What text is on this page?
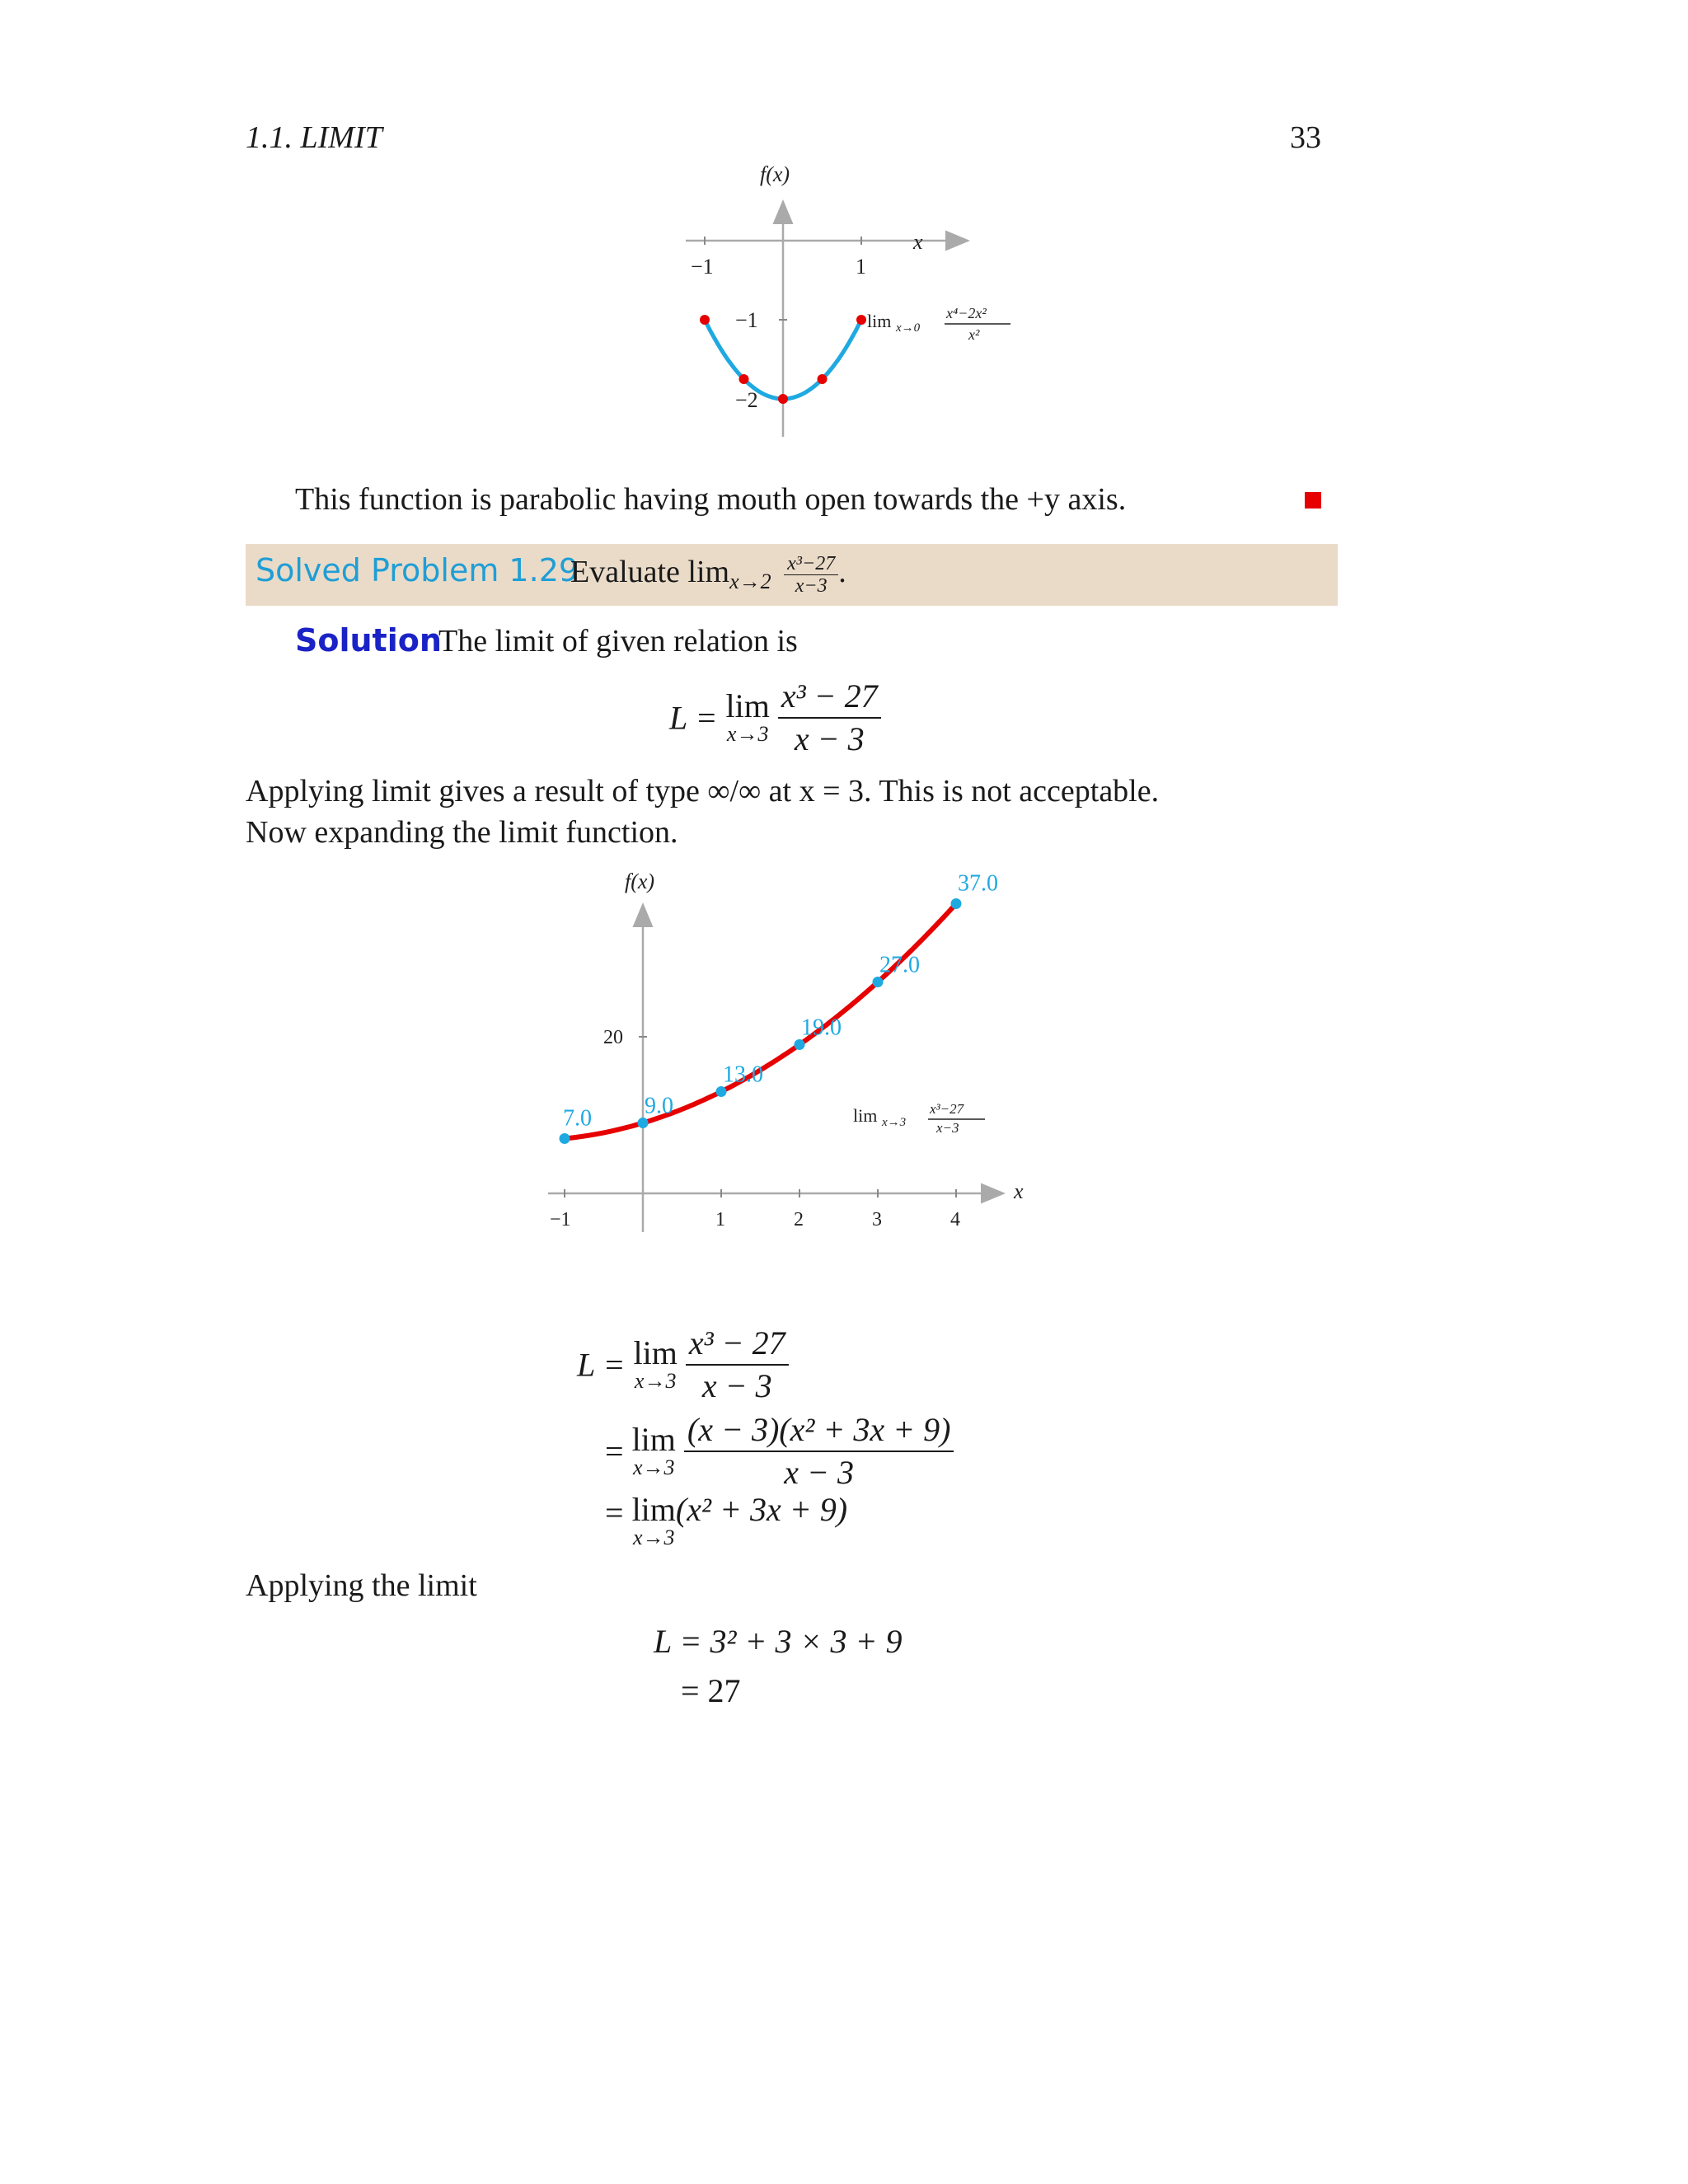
1.1. LIMIT	33
f(x)
x
−1	1
−1
−2
lim x→0
x⁴−2x²
x²
This function is parabolic having mouth open towards the +y axis.
Solved Problem 1.29
Evaluate $\lim_{x\to 2} \frac{\text{x³−27}}{x-3}$ .
Solution
The limit of given relation is
L = lim
x→3
$\frac{\text{x³ − 27}}{x - 3}$
Applying limit gives a result of type ∞/∞ at x = 3. This is not acceptable.
Now expanding the limit function.
−1	1	2	3	4
20
7.0 9.0
13.0
19.0
27.0
37.0
f(x)
x
lim x→3
x³−27
x−3
L = lim
x→3
$\frac{\text{x³ − 27}}{x - 3}$
= lim
x→3
$\frac{\text{(x − 3)(x² + 3x + 9)}}{x - 3}$
= lim
x→3
(x² + 3x + 9)
Applying the limit
L = 3² + 3 × 3 + 9
= 27
